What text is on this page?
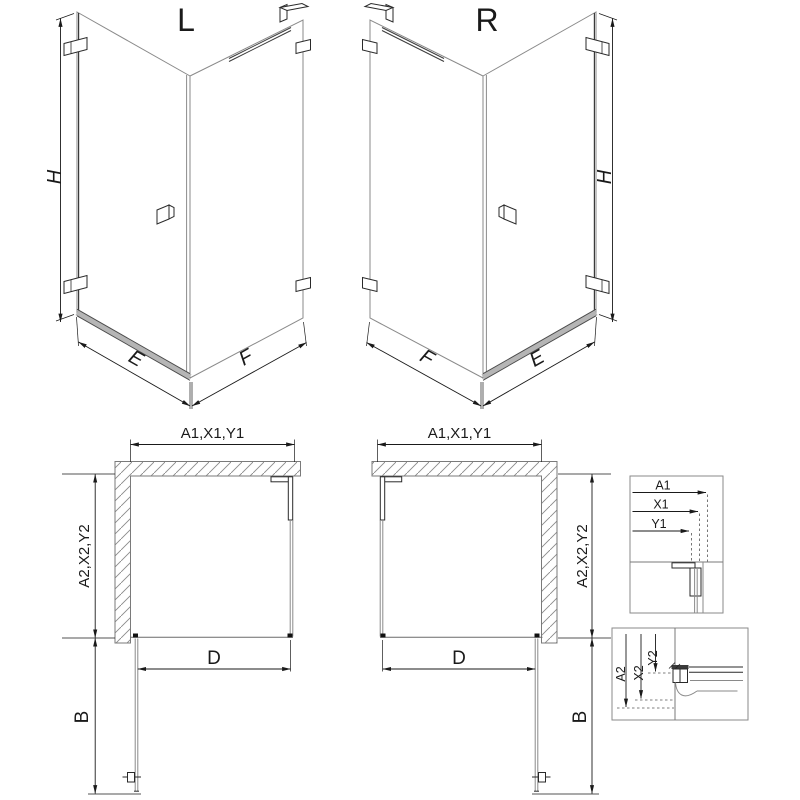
L
H
E	F
R
H
E
F
A1,X1,Y1
A2,X2,Y2
B
D
A1,X1,Y1
A2,X2,Y2
B
D
A1
X1
Y1
A2 X2
Y2
